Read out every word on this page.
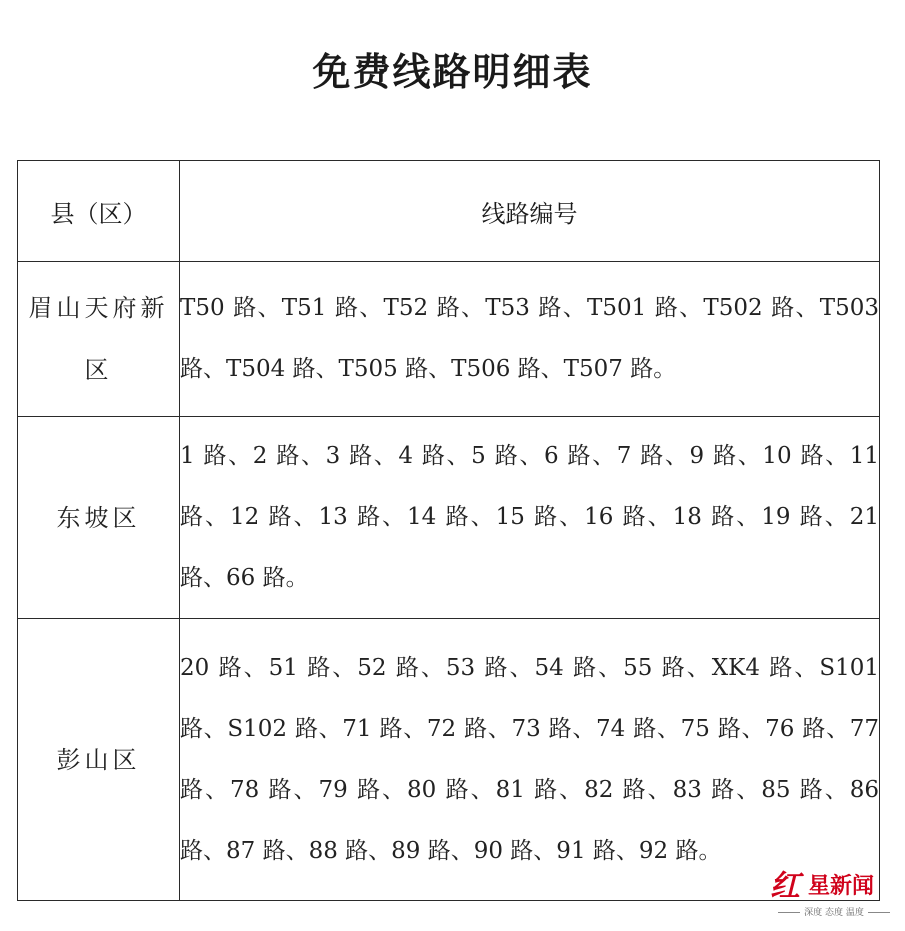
免费线路明细表
县（区）	线路编号
眉山天府新区	T50 路、T51 路、T52 路、T53 路、T501 路、T502 路、T503 路、T504 路、T505 路、T506 路、T507 路。
东坡区	1 路、2 路、3 路、4 路、5 路、6 路、7 路、9 路、10 路、11 路、12 路、13 路、14 路、15 路、16 路、18 路、19 路、21 路、66 路。
彭山区	20 路、51 路、52 路、53 路、54 路、55 路、XK4 路、S101 路、S102 路、71 路、72 路、73 路、74 路、75 路、76 路、77 路、78 路、79 路、80 路、81 路、82 路、83 路、85 路、86 路、87 路、88 路、89 路、90 路、91 路、92 路。
红 星新闻
深度 态度 温度
